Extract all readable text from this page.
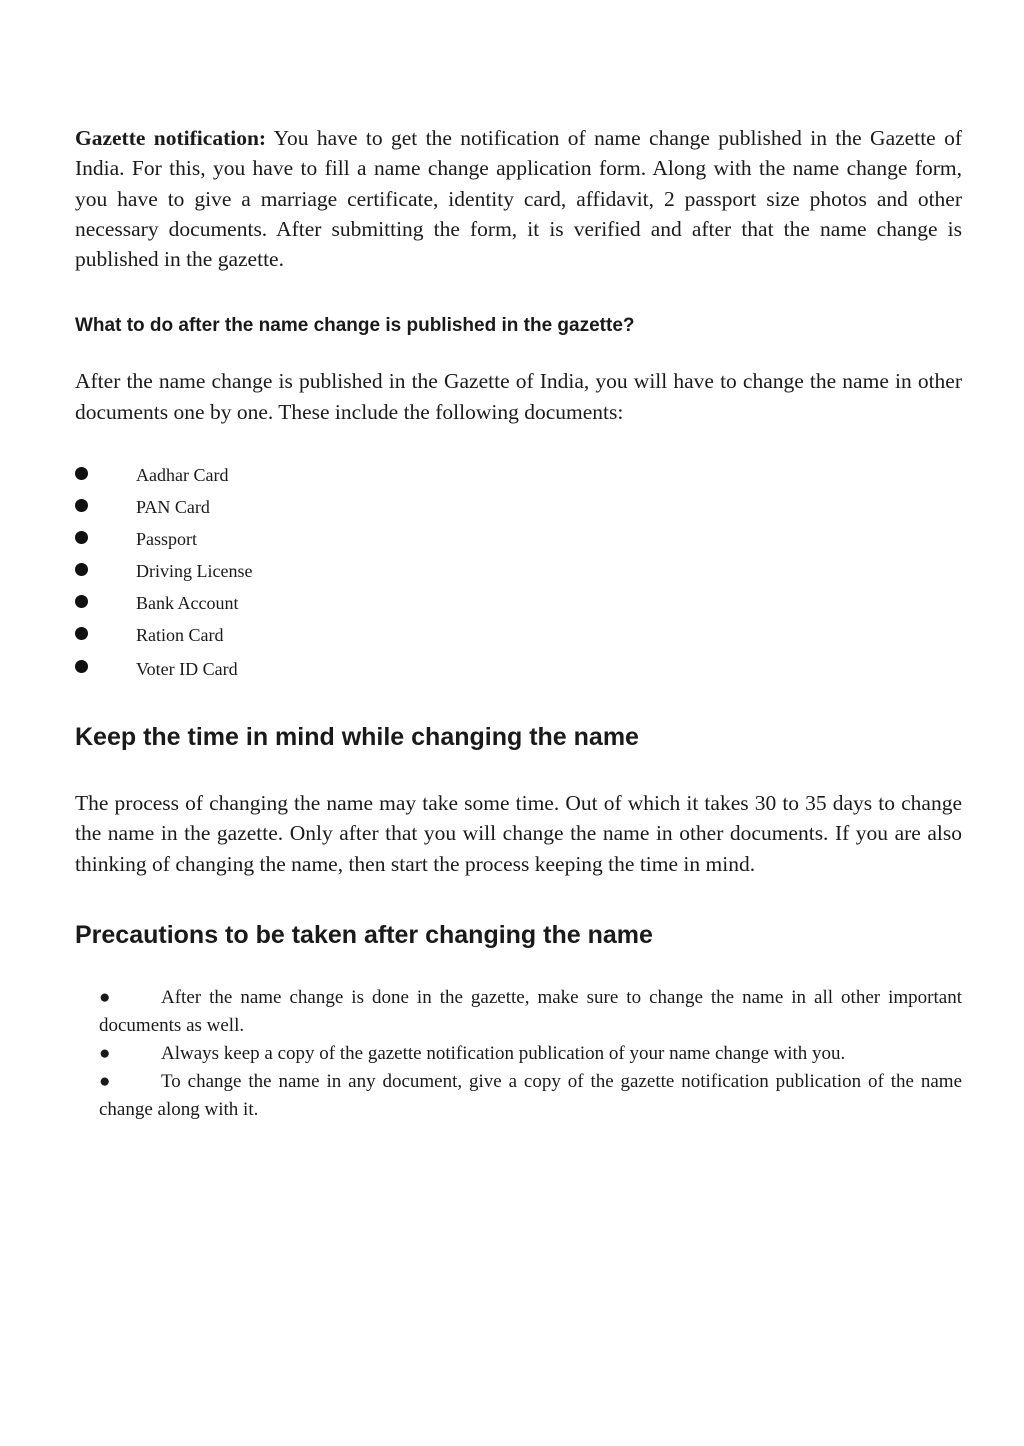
Gazette notification: You have to get the notification of name change published in the Gazette of India. For this, you have to fill a name change application form. Along with the name change form, you have to give a marriage certificate, identity card, affidavit, 2 passport size photos and other necessary documents. After submitting the form, it is verified and after that the name change is published in the gazette.

What to do after the name change is published in the gazette?

After the name change is published in the Gazette of India, you will have to change the name in other documents one by one. These include the following documents:

Aadhar Card
PAN Card
Passport
Driving License
Bank Account
Ration Card
Voter ID Card
Keep the time in mind while changing the name

The process of changing the name may take some time. Out of which it takes 30 to 35 days to change the name in the gazette. Only after that you will change the name in other documents. If you are also thinking of changing the name, then start the process keeping the time in mind.

Precautions to be taken after changing the name
●	After the name change is done in the gazette, make sure to change the name in all other important documents as well.
●	Always keep a copy of the gazette notification publication of your name change with you.
●	To change the name in any document, give a copy of the gazette notification publication of the name change along with it.
